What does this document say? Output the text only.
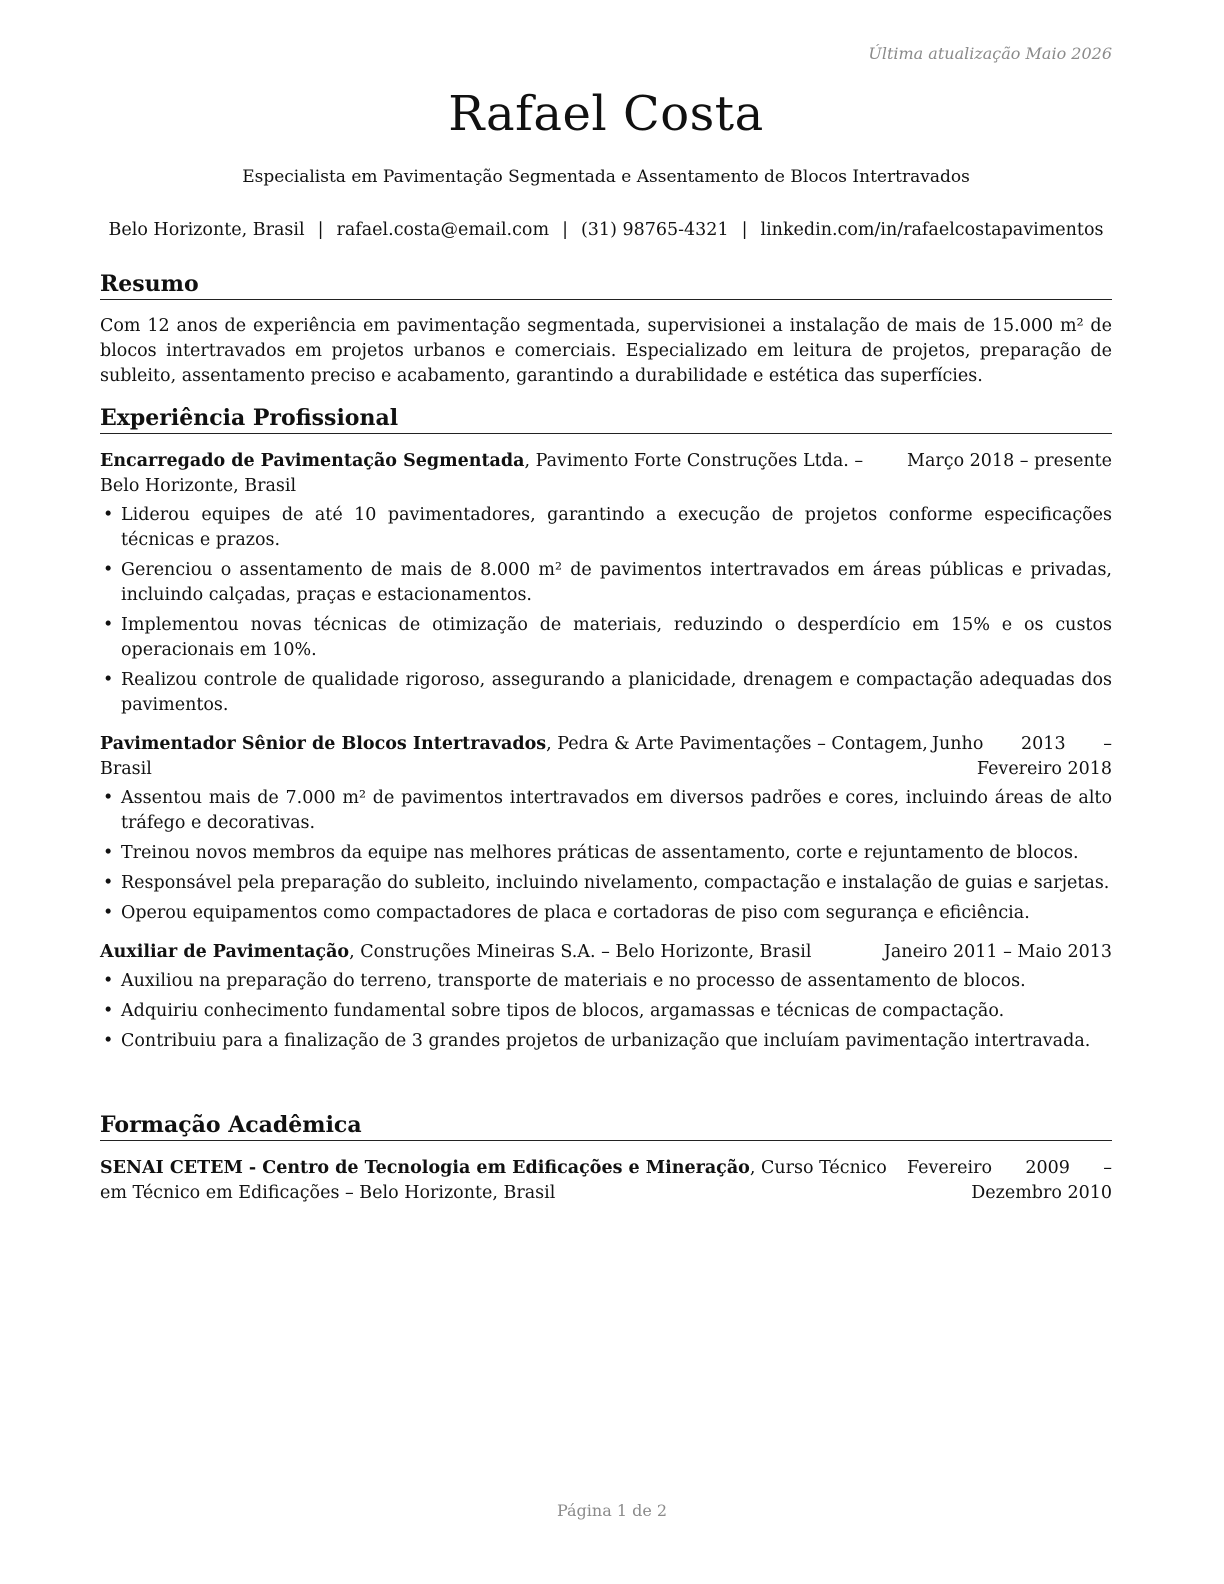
Última atualização Maio 2026
Rafael Costa
Especialista em Pavimentação Segmentada e Assentamento de Blocos Intertravados
Belo Horizonte, Brasil | rafael.costa@email.com | (31) 98765-4321 | linkedin.com/in/rafaelcostapavimentos
Resumo
Com 12 anos de experiência em pavimentação segmentada, supervisionei a instalação de mais de 15.000 m² de blocos intertravados em projetos urbanos e comerciais. Especializado em leitura de projetos, preparação de subleito, assentamento preciso e acabamento, garantindo a durabilidade e estética das superfícies.
Experiência Profissional
Encarregado de Pavimentação Segmentada, Pavimento Forte Construções Ltda. – Belo Horizonte, Brasil
Março 2018 – presente
• Liderou equipes de até 10 pavimentadores, garantindo a execução de projetos conforme especificações técnicas e prazos.
• Gerenciou o assentamento de mais de 8.000 m² de pavimentos intertravados em áreas públicas e privadas, incluindo calçadas, praças e estacionamentos.
• Implementou novas técnicas de otimização de materiais, reduzindo o desperdício em 15% e os custos operacionais em 10%.
• Realizou controle de qualidade rigoroso, assegurando a planicidade, drenagem e compactação adequadas dos pavimentos.
Pavimentador Sênior de Blocos Intertravados, Pedra & Arte Pavimentações – Contagem, Brasil
Junho 2013 – Fevereiro 2018
• Assentou mais de 7.000 m² de pavimentos intertravados em diversos padrões e cores, incluindo áreas de alto tráfego e decorativas.
• Treinou novos membros da equipe nas melhores práticas de assentamento, corte e rejuntamento de blocos.
• Responsável pela preparação do subleito, incluindo nivelamento, compactação e instalação de guias e sarjetas.
• Operou equipamentos como compactadores de placa e cortadoras de piso com segurança e eficiência.
Auxiliar de Pavimentação, Construções Mineiras S.A. – Belo Horizonte, Brasil	Janeiro 2011 – Maio 2013
• Auxiliou na preparação do terreno, transporte de materiais e no processo de assentamento de blocos.
• Adquiriu conhecimento fundamental sobre tipos de blocos, argamassas e técnicas de compactação.
• Contribuiu para a finalização de 3 grandes projetos de urbanização que incluíam pavimentação intertravada.
Formação Acadêmica
SENAI CETEM - Centro de Tecnologia em Edificações e Mineração, Curso Técnico em Técnico em Edificações – Belo Horizonte, Brasil
Fevereiro 2009 – Dezembro 2010
Página 1 de 2
